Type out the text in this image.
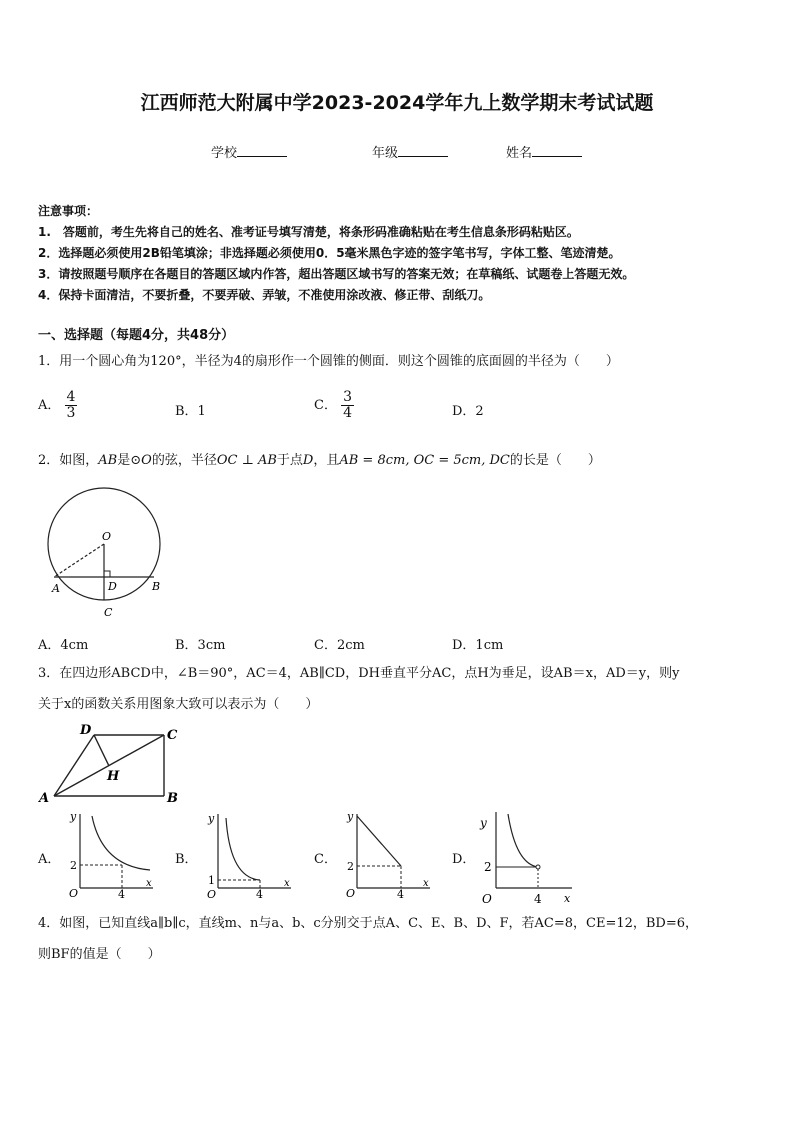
江西师范大附属中学2023-2024学年九上数学期末考试试题
学校	年级	姓名
注意事项：
1.　答题前，考生先将自己的姓名、准考证号填写清楚，将条形码准确粘贴在考生信息条形码粘贴区。
2．选择题必须使用2B铅笔填涂；非选择题必须使用0．5毫米黑色字迹的签字笔书写，字体工整、笔迹清楚。
3．请按照题号顺序在各题目的答题区域内作答，超出答题区域书写的答案无效；在草稿纸、试题卷上答题无效。
4．保持卡面清洁，不要折叠，不要弄破、弄皱，不准使用涂改液、修正带、刮纸刀。
一、选择题（每题4分，共48分）
1．用一个圆心角为120°，半径为4的扇形作一个圆锥的侧面．则这个圆锥的底面圆的半径为（　　）
A． $\frac{4}{3}$	B．1	C． $\frac{3}{4}$	D．2
2．如图，AB是⊙O的弦，半径OC ⊥ AB于点D，且AB = 8cm, OC = 5cm, DC的长是（　　）
O
A	B
D
C
A．4cm	B．3cm	C．2cm	D．1cm
3．在四边形ABCD中，∠B＝90°，AC＝4，AB∥CD，DH垂直平分AC，点H为垂足，设AB＝x，AD＝y，则y
关于x的函数关系用图象大致可以表示为（　　）
D	C
H
A	B
A．
y
x
O
2
4
B．
y
x
O
1
4
C．
y
x
O
2
4
D．
y
x
O
2
4
4．如图，已知直线a∥b∥c，直线m、n与a、b、c分别交于点A、C、E、B、D、F，若AC=8，CE=12，BD=6，
则BF的值是（　　）
